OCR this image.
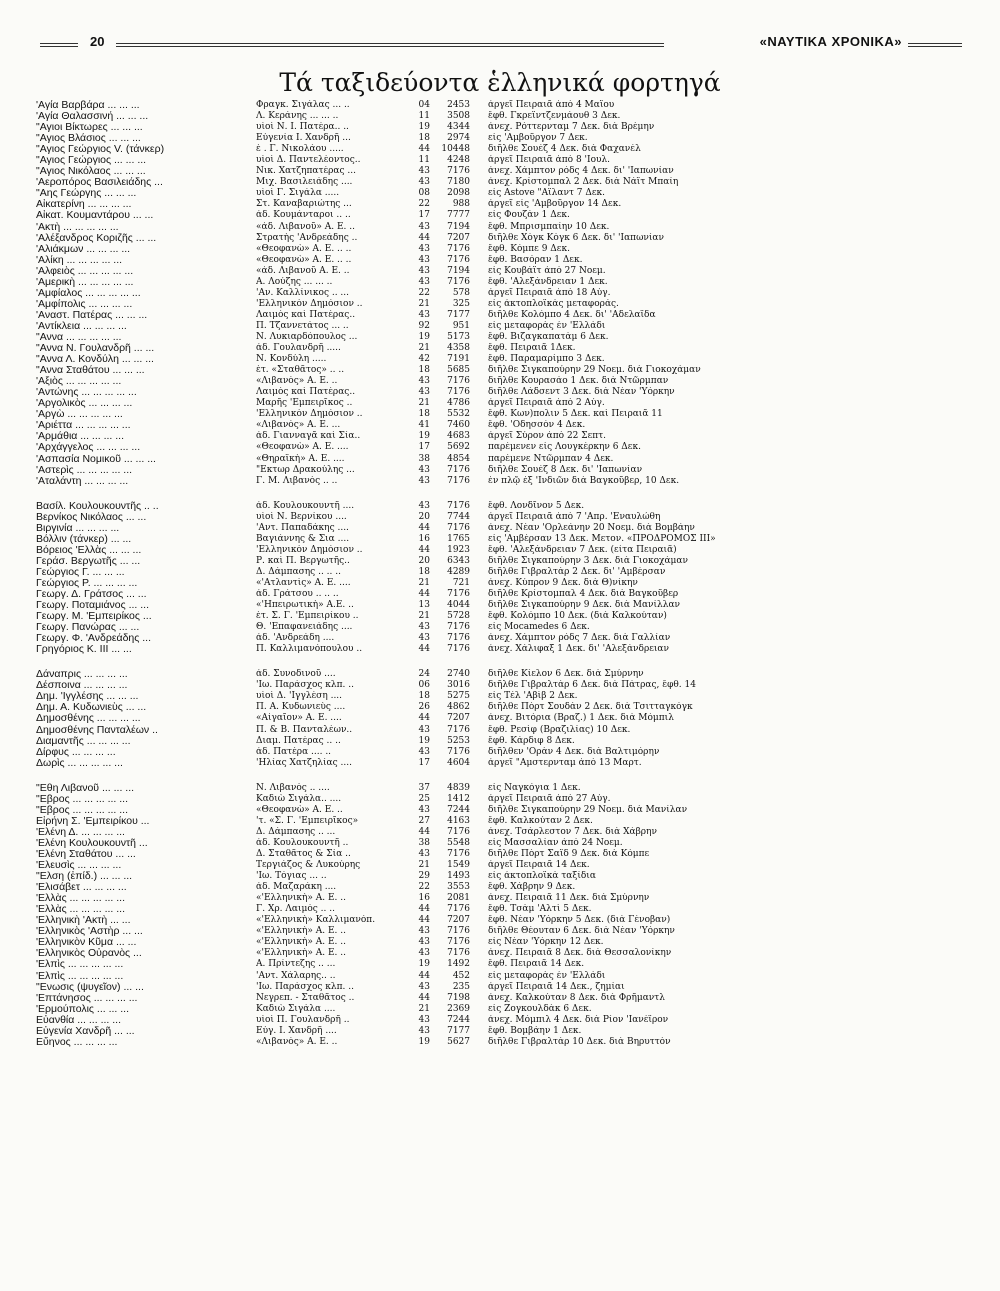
20	«ΝΑΥΤΙΚΑ ΧΡΟΝΙΚΑ»
Τά ταξιδεύοντα ἑλληνικά φορτηγά
'Αγία Βαρβάρα ... ... ...	Φραγκ. Σιγάλας ... ..	04	2453 ἀργεῖ Πειραιᾶ ἀπὸ 4 Μαΐου
'Αγία Θαλασσινή ... ... ...	Λ. Κεράνης ... ... ..	11	3508 ἔφθ. Γκρεϊντζενμάουθ 3 Δεκ.
"Αγιοι Βίκτωρες ... ... ...	υἱοὶ Ν. Ι. Πατέρα.. ..	19	4344 ἀνεχ. Ρόττερνταμ 7 Δεκ. διὰ Βρέμην
"Αγιος Βλάσιος ... ... ...	Εὐγενία Ι. Χανδρῆ ...	18	2974 εἰς 'Αμβοῦργον 7 Δεκ.
"Αγιος Γεώργιος V. (τάνκερ)	ἑ . Γ. Νικολάου .....	44	10448 διῆλθε Σουὲζ 4 Δεκ. διὰ Φαχανὲλ
"Αγιος Γεώργιος ... ... ...	υἱοὶ Δ. Παντελέοντος..	11	4248 ἀργεῖ Πειραιᾶ ἀπὸ 8 'Ιουλ.
"Αγιος Νικόλαος ... ... ...	Νικ. Χατζηπατέρας ...	43	7176 ἀνεχ. Χάμπτον ρόδς 4 Δεκ. δι' 'Ιαπωνίαν
'Αεροπόρος Βασιλειάδης ...	Μιχ. Βασιλειάδης ....	43	7180 ἀνεχ. Κρίστομπαλ 2 Δεκ. διὰ Νάϊτ Μπαίη
"Αης Γεώργης ... ... ...	υἱοὶ Γ. Σιγάλα .....	08	2098 εἰς Astove "Αϊλαντ 7 Δεκ.
Αἰκατερίνη ... ... ... ...	Στ. Καναβαριώτης ...	22	988 ἀργεῖ εἰς 'Αμβοῦργον 14 Δεκ.
Αἰκατ. Κουμαντάρου ... ...	ἀδ. Κουμάνταροι .. ..	17	7777 εἰς Φουζὰν 1 Δεκ.
'Ακτὴ ... ... ... ... ...	«ἀδ. Λιβανοῦ» Α. Ε. ..	43	7194 ἔφθ. Μπρισμπαίην 10 Δεκ.
'Αλέξανδρος Κοριζῆς ... ...	Στρατὴς 'Ανδρεάδης ..	44	7207 διῆλθε Χὸγκ Κὸγκ 6 Δεκ. δι' 'Ιαπωνίαν
'Αλιάκμων ... ... ... ...	«Θεοφανὼ» Α. Ε. .. ..	43	7176 ἔφθ. Κόμπε 9 Δεκ.
'Αλίκη ... ... ... ... ...	«Θεοφανὼ» Α. Ε. .. ..	43	7176 ἔφθ. Βασόραν 1 Δεκ.
'Αλφειὸς ... ... ... ... ...	«ἀδ. Λιβανοῦ Α. Ε. ..	43	7194 εἰς Κουβάϊτ ἀπὸ 27 Νοεμ.
'Αμερικὴ ... ... ... ... ...	Α. Λούζης ... ... ..	43	7176 ἔφθ. 'Αλεξάνδρειαν 1 Δεκ.
'Αμφίαλος ... ... ... ... ...	'Αν. Καλλίνικος .. ...	22	578 ἀργεῖ Πειραιᾶ ἀπὸ 18 Αὐγ.
'Αμφίπολις ... ... ... ...	'Ελληνικὸν Δημόσιον ..	21	325 εἰς ἀκτοπλοϊκὰς μεταφοράς.
'Αναστ. Πατέρας ... ... ...	Λαιμὸς καὶ Πατέρας..	43	7177 διῆλθε Κολόμπο 4 Δεκ. δι' 'Αδελαΐδα
'Αντίκλεια ... ... ... ...	Π. Τζαννετάτος ... ..	92	951 εἰς μεταφορὰς ἐν 'Ελλάδι
"Αννα ... ... ... ... ...	Ν. Λυκιαρδόπουλος ...	19	5173 ἔφθ. Βιζαγκαπατὰμ 6 Δεκ.
"Αννα Ν. Γουλανδρῆ ... ...	ἀδ. Γουλανδρῆ .....	21	4358 ἔφθ. Πειραιᾶ 1Δεκ.
"Αννα Λ. Κονδύλη ... ... ...	Ν. Κονδύλη .....	42	7191 ἔφθ. Παραμαρίμπο 3 Δεκ.
"Αννα Σταθάτου ... ... ...	ἑτ. «Σταθᾶτος» .. ..	18	5685 διῆλθε Σιγκαπούρην 29 Νοεμ. διὰ Γιοκοχάμαν
'Αξιὸς ... ... ... ... ...	«Λιβανὸς» Α. Ε. ..	43	7176 διῆλθε Κουρασάο 1 Δεκ. διὰ Ντῶρμπαν
'Αντώνης ... ... ... ... ...	Λαιμὸς καὶ Πατέρας..	43	7176 διῆλθε Λάδσεντ 3 Δεκ. διὰ Νέαν 'Υόρκην
'Αργολικὸς ... ... ... ...	Μαρῆς 'Εμπειρῖκος ..	21	4786 ἀργεῖ Πειραιᾶ ἀπὸ 2 Αὐγ.
'Αργὼ ... ... ... ... ...	'Ελληνικὸν Δημόσιον ..	18	5532 ἔφθ. Κων)πολιν 5 Δεκ. καὶ Πειραιᾶ 11
'Αριέττα ... ... ... ... ...	«Λιβανὸς» Α. Ε. ...	41	7460 ἔφθ. 'Οδησσὸν 4 Δεκ.
'Αρμάθια ... ... ... ...	ἀδ. Γιανναγᾶ καὶ Σία..	19	4683 ἀργεῖ Σύρον ἀπὸ 22 Σεπτ.
'Αρχάγγελος ... ... ... ...	«Θεοφανὼ» Α. Ε. ....	17	5692 παρέμενεν εἰς Λουγκέρκην 6 Δεκ.
'Ασπασία Νομικοῦ ... ... ...	«Θηραϊκὴ» Α. Ε. ....	38	4854 παρέμενε Ντῶρμπαν 4 Δεκ.
'Αστερὶς ... ... ... ... ...	"Εκτωρ Δρακούλης ...	43	7176 διῆλθε Σουὲζ 8 Δεκ. δι' 'Ιαπωνίαν
'Αταλάντη ... ... ... ...	Γ. Μ. Λιβανὸς .. ..	43	7176 ἐν πλῷ ἐξ 'Ινδιῶν διὰ Βαγκοῦβερ, 10 Δεκ.
Βασίλ. Κουλουκουντῆς .. ..	ἀδ. Κουλουκουντῆ ....	43	7176 ἔφθ. Λονδῖνον 5 Δεκ.
Βερνίκος Νικόλαος ... ...	υἱοὶ Ν. Βερνίκου ....	20	7744 ἀργεῖ Πειραιᾶ ἀπὸ 7 'Απρ. 'Εναυλώθη
Βιργινία ... ... ... ...	'Αντ. Παπαδάκης ....	44	7176 ἀνεχ. Νέαν 'Ορλεάνην 20 Νοεμ. διὰ Βομβάην
Βόλλιν (τάνκερ) ... ...	Βαγιάννης & Σια ....	16	1765 εἰς 'Αμβέρσαν 13 Δεκ. Μετον. «ΠΡΟΔΡΟΜΟΣ ΙΙΙ»
Βόρειος 'Ελλὰς ... ... ...	'Ελληνικὸν Δημόσιον ..	44	1923 ἔφθ. 'Αλεξάνδρειαν 7 Δεκ. (εἶτα Πειραιᾶ)
Γεράσ. Βεργωτῆς ... ...	Ρ. καὶ Π. Βεργωτῆς..	20	6343 διῆλθε Σιγκαπούρην 3 Δεκ. διὰ Γιοκοχάμαν
Γεώργιος Γ. ... ... ...	Δ. Δάμπασης .. .. ..	18	4289 διῆλθε Γιβραλτὰρ 2 Δεκ. δι' 'Αμβέρσαν
Γεώργιος Ρ. ... ... ... ...	«'Ατλαντὶς» Α. Ε. ....	21	721 ἀνεχ. Κύπρον 9 Δεκ. διὰ Θ)νίκην
Γεωργ. Δ. Γράτσος ... ...	ἀδ. Γράτσου .. .. ..	44	7176 διῆλθε Κρίστομπαλ 4 Δεκ. διὰ Βαγκοῦβερ
Γεωργ. Ποταμιάνος ... ...	«'Ηπειρωτικὴ» Α.Ε. ..	13	4044 διῆλθε Σιγκαπούρην 9 Δεκ. διὰ Μανίλλαν
Γεωργ. Μ. 'Εμπειρίκος ...	ἑτ. Σ. Γ. 'Εμπειρίκου ..	21	5728 ἔφθ. Κολόμπο 10 Δεκ. (διὰ Καλκούταν)
Γεωργ. Πανώρας ... ...	Θ. 'Επαφανειάδης ....	43	7176 εἰς Mocamedes 6 Δεκ.
Γεωργ. Φ. 'Ανδρεάδης ...	ἀδ. 'Ανδρεάδη ....	43	7176 ἀνεχ. Χάμπτον ρόδς 7 Δεκ. διὰ Γαλλίαν
Γρηγόριος Κ. ΙΙΙ ... ...	Π. Καλλιμανόπουλου ..	44	7176 ἀνεχ. Χάλιφαξ 1 Δεκ. δι' 'Αλεξάνδρειαν
Δάναπρις ... ... ... ...	ἀδ. Συνοδινοῦ ....	24	2740 διῆλθε Κίελον 6 Δεκ. διὰ Σμύρνην
Δέσποινα ... ... ... ...	'Ιω. Παράσχος κλπ. ..	06	3016 διῆλθε Γιβραλτὰρ 6 Δεκ. διὰ Πάτρας, ἔφθ. 14
Δημ. 'Ιγγλέσης ... ... ...	υἱοὶ Δ. 'Ιγγλέση ....	18	5275 εἰς Τὲλ 'Αβὶβ 2 Δεκ.
Δημ. Α. Κυδωνιεὺς ... ...	Π. Α. Κυδωνιεὺς ....	26	4862 διῆλθε Πὸρτ Σουδὰν 2 Δεκ. διὰ Τσιτταγκόγκ
Δημοσθένης ... ... ... ...	«Αἰγαῖον» Α. Ε. ....	44	7207 ἀνεχ. Βιτόρια (Βραζ.) 1 Δεκ. διὰ Μόμπιλ
Δημοσθένης Πανταλέων ..	Π. & Β. Πανταλέων..	43	7176 ἔφθ. Ρεσὶφ (Βραζιλίας) 10 Δεκ.
Διαμαντῆς ... ... ... ...	Διαμ. Πατέρας .. ..	19	5253 ἔφθ. Κάρδιφ 8 Δεκ.
Δίρφυς ... ... ... ...	ἀδ. Πατέρα .... ..	43	7176 διῆλθεν 'Ορὰν 4 Δεκ. διὰ Βαλτιμόρην
Δωρὶς ... ... ... ... ...	'Ηλίας Χατζηλίας ....	17	4604 ἀργεῖ "Αμστερνταμ ἀπὸ 13 Μαρτ.
"Εθη Λιβανοῦ ... ... ...	Ν. Λιβανὸς .. ....	37	4839 εἰς Ναγκόγια 1 Δεκ.
"Εβρος ... ... ... ... ...	Καδιὼ Σιγάλα.. ....	25	1412 ἀργεῖ Πειραιᾶ ἀπὸ 27 Αὐγ.
"Εβρος ... ... ... ... ...	«Θεοφανὼ» Α. Ε. ..	43	7244 διῆλθε Σιγκαπούρην 29 Νοεμ. διὰ Μανίλαν
Εἰρήνη Σ. 'Εμπειρίκου ...	'τ. «Σ. Γ. 'Εμπειρῖκος»	27	4163 ἔφθ. Καλκούταν 2 Δεκ.
'Ελένη Δ. ... ... ... ...	Δ. Δάμπασης .. ...	44	7176 ἀνεχ. Τσάρλεστον 7 Δεκ. διὰ Χάβρην
'Ελένη Κουλουκουντῆ ...	ἀδ. Κουλουκουντῆ ..	38	5548 εἰς Μασσαλίαν ἀπὸ 24 Νοεμ.
'Ελένη Σταθάτου ... ...	Δ. Σταθᾶτος & Σία ..	43	7176 διῆλθε Πὸρτ Σαΐδ 9 Δεκ. διὰ Κόμπε
'Ελευσὶς ... ... ... ...	Τεργιάζος & Λυκούρης	21	1549 ἀργεῖ Πειραιᾶ 14 Δεκ.
"Ελση (ἐπίδ.) ... ... ...	'Ιω. Τόγιας ... ..	29	1493 εἰς ἀκτοπλοϊκὰ ταξίδια
'Ελισάβετ ... ... ... ...	ἀδ. Μαζαράκη ....	22	3553 ἔφθ. Χάβρην 9 Δεκ.
'Ελλὰς ... ... ... ... ...	«'Ελληνικὴ» Α. Ε. ..	16	2081 ἀνεχ. Πειραιᾶ 11 Δεκ. διὰ Σμύρνην
'Ελλὰς ... ... ... ... ...	Γ. Χρ. Λαιμὸς .. ..	44	7176 ἔφθ. Τσὰμ 'Αλτὶ 5 Δεκ.
'Ελληνικὴ 'Ακτὴ ... ...	«'Ελληνικὴ» Καλλιμανόπ.	44	7207 ἔφθ. Νέαν 'Υόρκην 5 Δεκ. (διὰ Γένοβαν)
'Ελληνικὸς 'Αστὴρ ... ...	«'Ελληνικὴ» Α. Ε. ..	43	7176 διῆλθε Θέουταν 6 Δεκ. διὰ Νέαν 'Υόρκην
'Ελληνικὸν Κῦμα ... ...	«'Ελληνικὴ» Α. Ε. ..	43	7176 εἰς Νέαν 'Υόρκην 12 Δεκ.
'Ελληνικὸς Οὐρανὸς ...	«'Ελληνικὴ» Α. Ε. ..	43	7176 ἀνεχ. Πειραιᾶ 8 Δεκ. διὰ Θεσσαλονίκην
'Ελπὶς ... ... ... ... ...	Α. Πρίντεζης .. ...	19	1492 ἔφθ. Πειραιᾶ 14 Δεκ.
'Ελπὶς ... ... ... ... ...	'Αντ. Χάλαρης.. ..	44	452 εἰς μεταφορὰς ἐν 'Ελλάδι
"Ενωσις (ψυγεῖον) ... ...	'Ιω. Παράσχος κλπ. ..	43	235 ἀργεῖ Πειραιᾶ 14 Δεκ., ζημίαι
'Επτάνησος ... ... ... ...	Νεγρεπ. - Σταθᾶτος ..	44	7198 ἀνεχ. Καλκούταν 8 Δεκ. διὰ Φρῆμαντλ
'Ερμούπολις ... ... ...	Καδιὼ Σιγάλα ....	21	2369 εἰς Ζογκουλδὰκ 6 Δεκ.
Εὐανθία ... ... ... ...	υἱοὶ Π. Γουλανδρῆ ..	43	7244 ἀνεχ. Μόμπιλ 4 Δεκ. διὰ Ρίον 'Ιανέϊρον
Εὐγενία Χανδρῆ ... ...	Εὐγ. Ι. Χανδρῆ ....	43	7177 ἔφθ. Βομβάην 1 Δεκ.
Εὔηνος ... ... ... ...	«Λιβανὸς» Α. Ε. ..	19	5627 διῆλθε Γιβραλτὰρ 10 Δεκ. διὰ Βηρυττὸν
